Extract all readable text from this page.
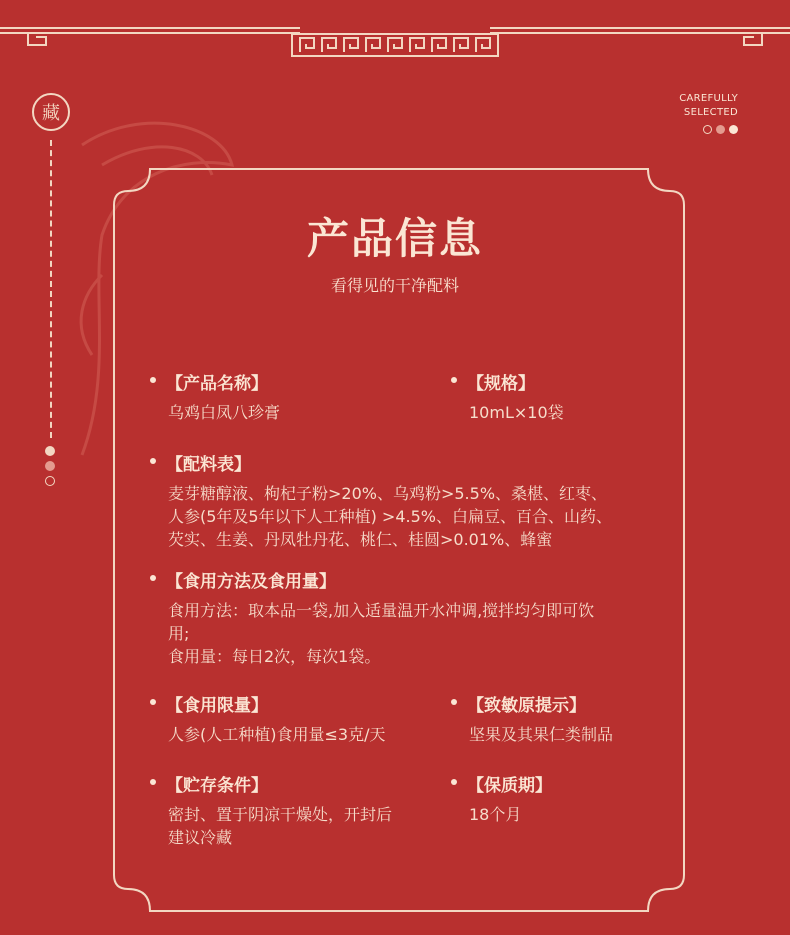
藏
CAREFULLY
SELECTED
产品信息
看得见的干净配料
【产品名称】
乌鸡白凤八珍膏
【规格】
10mL×10袋
【配料表】
麦芽糖醇液、枸杞子粉>20%、乌鸡粉>5.5%、桑椹、红枣、
人参(5年及5年以下人工种植) >4.5%、白扁豆、百合、山药、
芡实、生姜、丹凤牡丹花、桃仁、桂圆>0.01%、蜂蜜
【食用方法及食用量】
食用方法：取本品一袋,加入适量温开水冲调,搅拌均匀即可饮
用;
食用量：每日2次，每次1袋。
【食用限量】
人参(人工种植)食用量≤3克/天
【致敏原提示】
坚果及其果仁类制品
【贮存条件】
密封、置于阴凉干燥处，开封后
建议冷藏
【保质期】
18个月
